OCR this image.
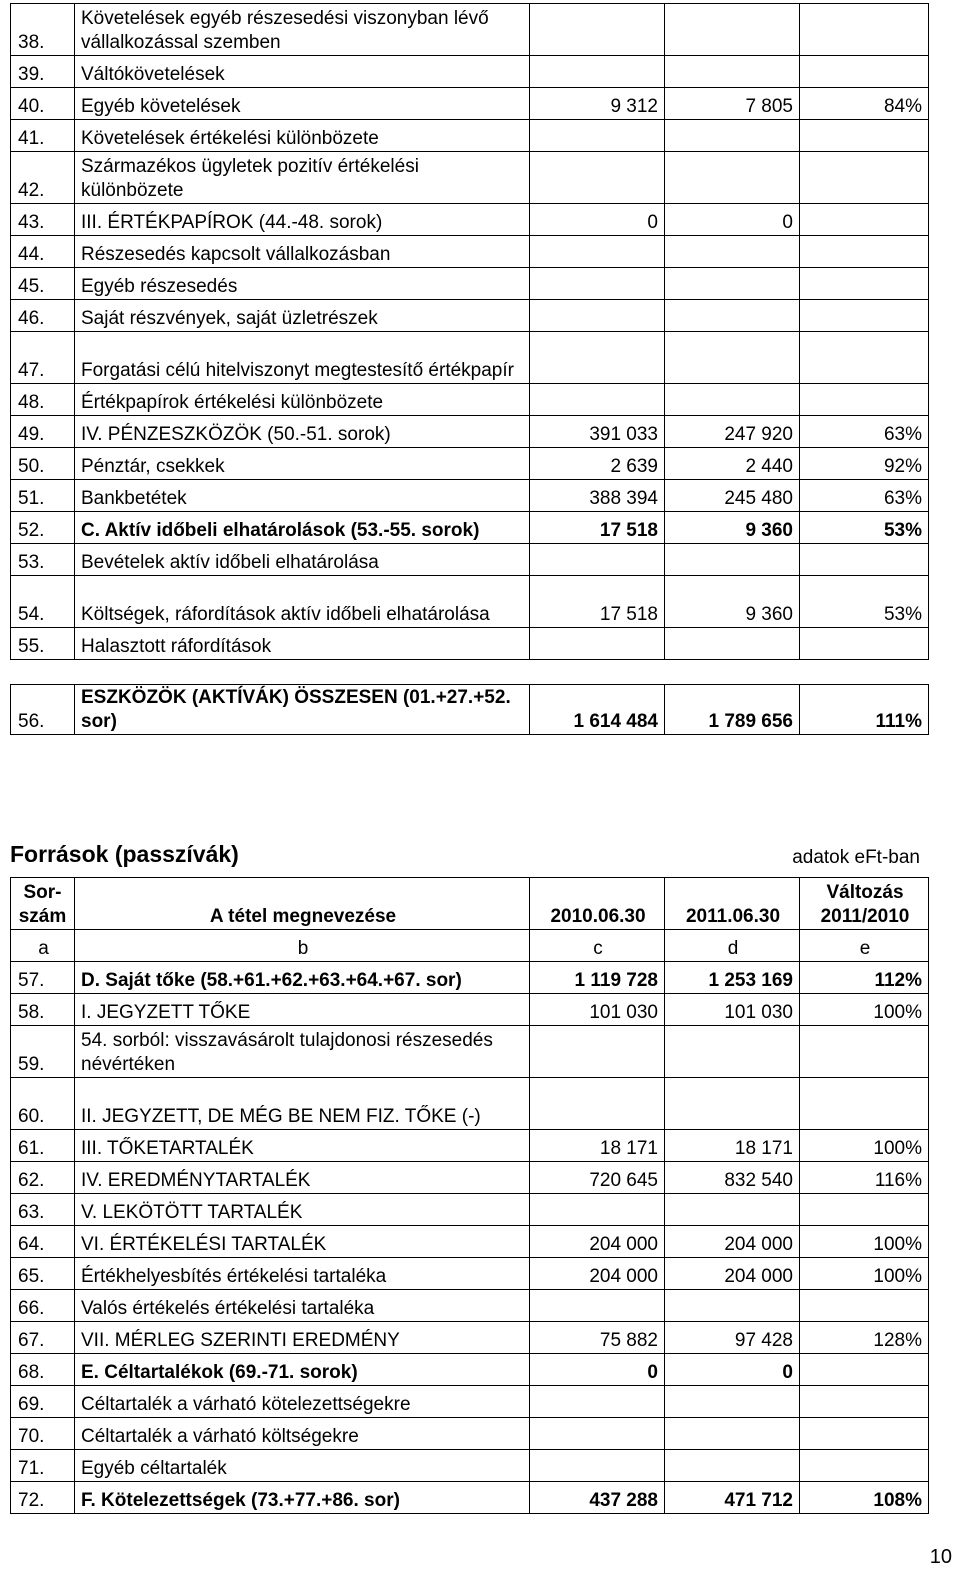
38.	Követelések egyéb részesedési viszonyban lévő vállalkozással szemben			
39.	Váltókövetelések			
40.	Egyéb követelések	9 312	7 805	84%
41.	Követelések értékelési különbözete			
42.	Származékos ügyletek pozitív értékelési különbözete			
43.	III. ÉRTÉKPAPÍROK (44.-48. sorok)	0	0	
44.	Részesedés kapcsolt vállalkozásban			
45.	Egyéb részesedés			
46.	Saját részvények, saját üzletrészek			
47.	Forgatási célú hitelviszonyt megtestesítő értékpapír			
48.	Értékpapírok értékelési különbözete			
49.	IV. PÉNZESZKÖZÖK (50.-51. sorok)	391 033	247 920	63%
50.	Pénztár, csekkek	2 639	2 440	92%
51.	Bankbetétek	388 394	245 480	63%
52.	C. Aktív időbeli elhatárolások (53.-55. sorok)	17 518	9 360	53%
53.	Bevételek aktív időbeli elhatárolása			
54.	Költségek, ráfordítások aktív időbeli elhatárolása	17 518	9 360	53%
55.	Halasztott ráfordítások			
56.	ESZKÖZÖK (AKTÍVÁK) ÖSSZESEN (01.+27.+52. sor)	1 614 484	1 789 656	111%
Források (passzívák)	adatok eFt-ban
Sor- szám	A tétel megnevezése	2010.06.30	2011.06.30	Változás 2011/2010
a	b	c	d	e
57.	D. Saját tőke (58.+61.+62.+63.+64.+67. sor)	1 119 728	1 253 169	112%
58.	I. JEGYZETT TŐKE	101 030	101 030	100%
59.	54. sorból: visszavásárolt tulajdonosi részesedés névértéken			
60.	II. JEGYZETT, DE MÉG BE NEM FIZ. TŐKE (-)			
61.	III. TŐKETARTALÉK	18 171	18 171	100%
62.	IV. EREDMÉNYTARTALÉK	720 645	832 540	116%
63.	V. LEKÖTÖTT TARTALÉK			
64.	VI. ÉRTÉKELÉSI TARTALÉK	204 000	204 000	100%
65.	Értékhelyesbítés értékelési tartaléka	204 000	204 000	100%
66.	Valós értékelés értékelési tartaléka			
67.	VII. MÉRLEG SZERINTI EREDMÉNY	75 882	97 428	128%
68.	E. Céltartalékok (69.-71. sorok)	0	0	
69.	Céltartalék a várható kötelezettségekre			
70.	Céltartalék a várható költségekre			
71.	Egyéb céltartalék			
72.	F. Kötelezettségek (73.+77.+86. sor)	437 288	471 712	108%
10
